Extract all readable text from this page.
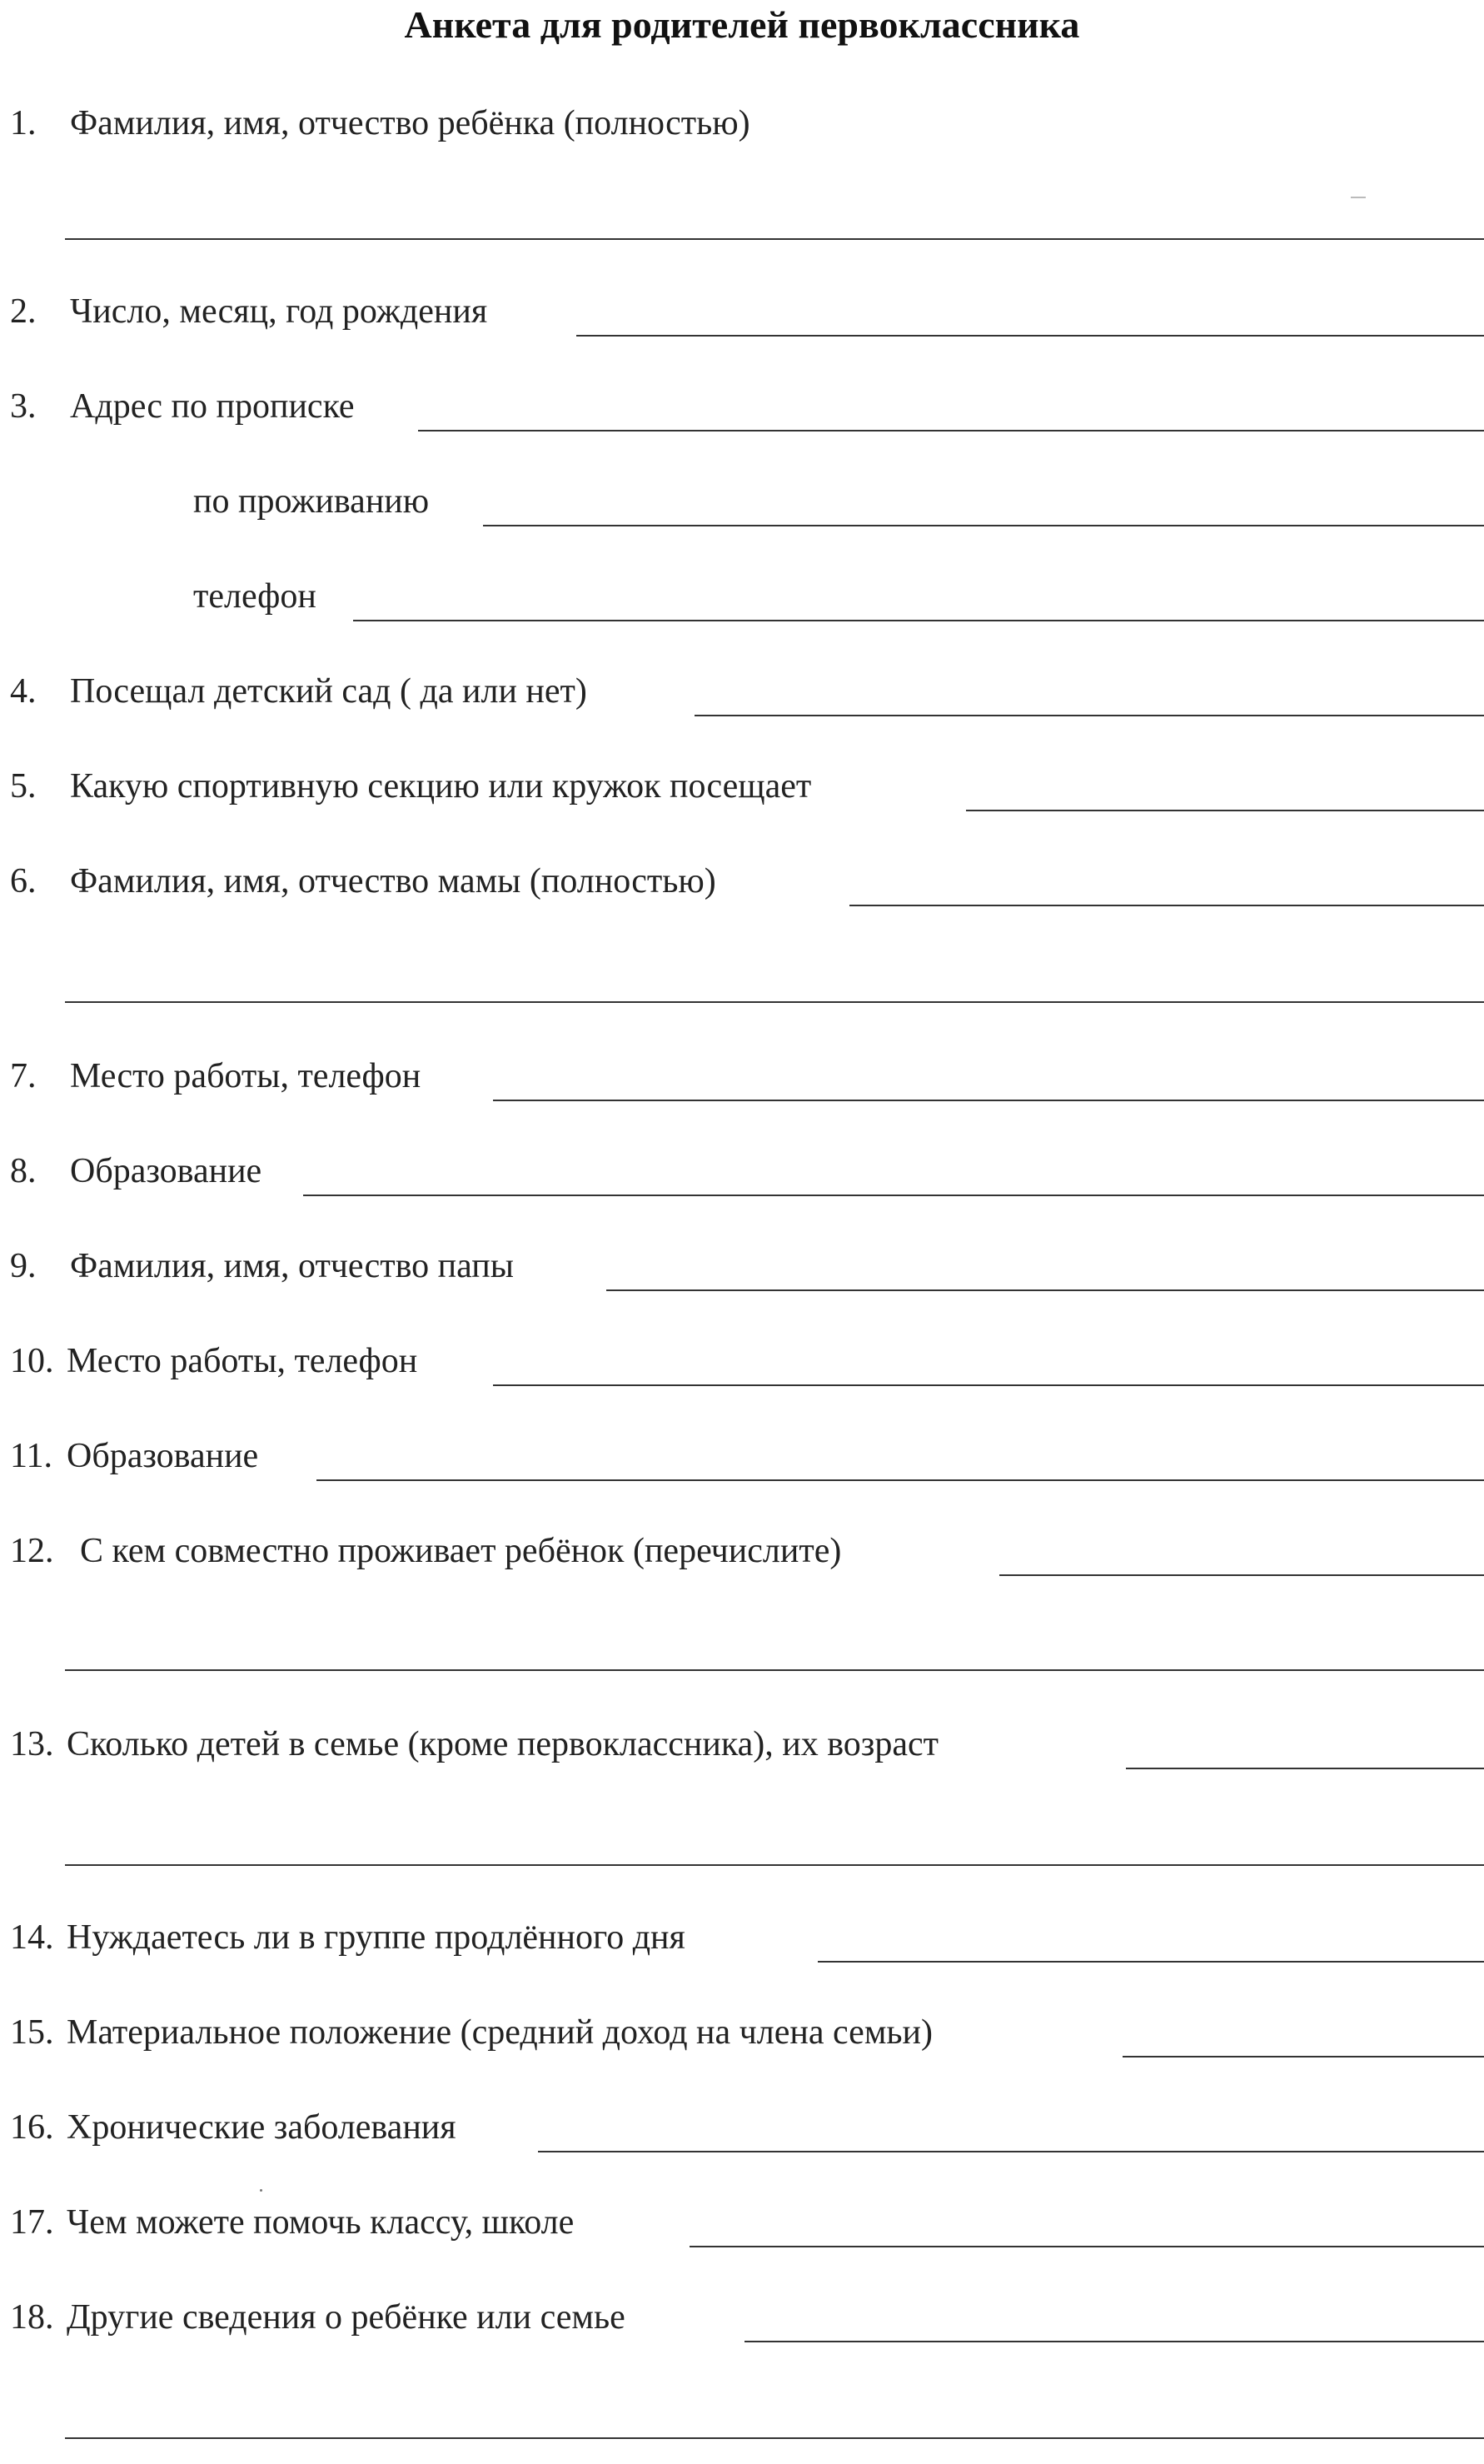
Анкета для родителей первоклассника
1. Фамилия, имя, отчество ребёнка (полностью)
2. Число, месяц, год рождения
3. Адрес по прописке
по проживанию
телефон
4. Посещал детский сад ( да или нет)
5. Какую спортивную секцию или кружок посещает
6. Фамилия, имя, отчество мамы (полностью)
7. Место работы, телефон
8. Образование
9. Фамилия, имя, отчество папы
10. Место работы, телефон
11. Образование
12. С кем совместно проживает ребёнок (перечислите)
13. Сколько детей в семье (кроме первоклассника), их возраст
14. Нуждаетесь ли в группе продлённого дня
15. Материальное положение (средний доход на члена семьи)
16. Хронические заболевания
17. Чем можете помочь классу, школе
18. Другие сведения о ребёнке или семье
